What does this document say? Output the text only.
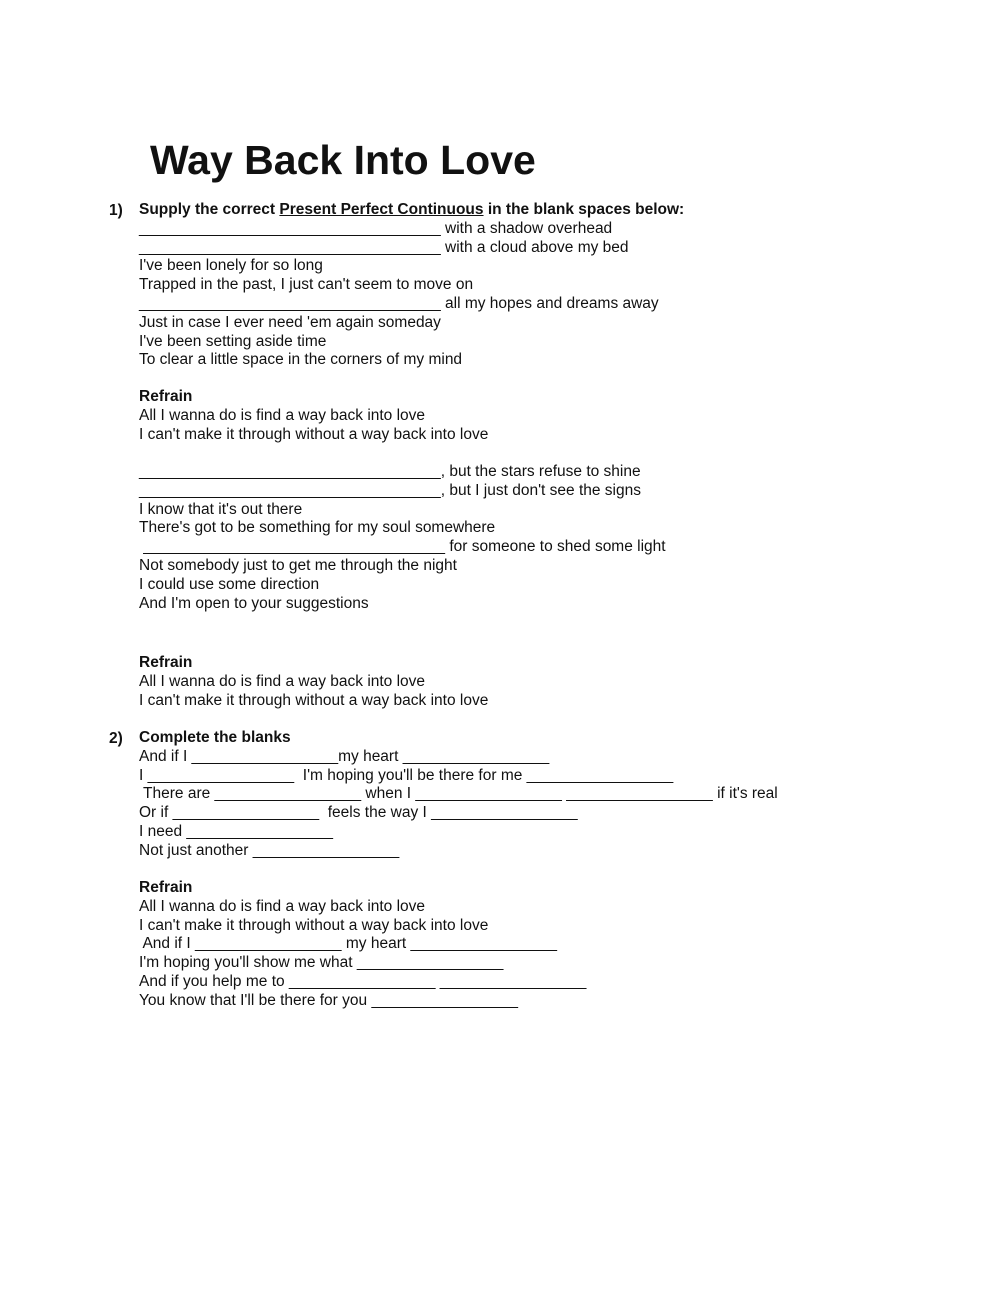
Way Back Into Love
1) Supply the correct Present Perfect Continuous in the blank spaces below:
___________________________________ with a shadow overhead
___________________________________ with a cloud above my bed
I've been lonely for so long
Trapped in the past, I just can't seem to move on
___________________________________ all my hopes and dreams away
Just in case I ever need 'em again someday
I've been setting aside time
To clear a little space in the corners of my mind
Refrain
All I wanna do is find a way back into love
I can't make it through without a way back into love
___________________________________, but the stars refuse to shine
___________________________________, but I just don't see the signs
I know that it's out there
There's got to be something for my soul somewhere
___________________________________ for someone to shed some light
Not somebody just to get me through the night
I could use some direction
And I'm open to your suggestions
Refrain
All I wanna do is find a way back into love
I can't make it through without a way back into love
2) Complete the blanks
And if I _________________my heart _________________
I _________________  I'm hoping you'll be there for me _________________
There are _________________ when I _________________ _________________ if it's real
Or if _________________  feels the way I _________________
I need _________________
Not just another _________________
Refrain
All I wanna do is find a way back into love
I can't make it through without a way back into love
And if I _________________ my heart _________________
I'm hoping you'll show me what _________________
And if you help me to _________________ _________________
You know that I'll be there for you _________________
